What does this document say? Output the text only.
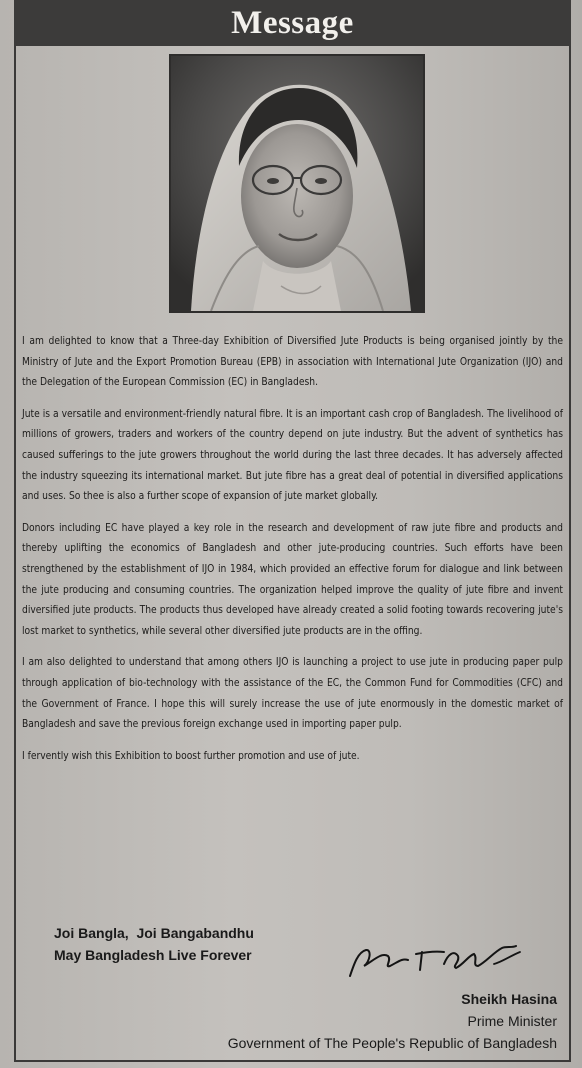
Message

I am delighted to know that a Three-day Exhibition of Diversified Jute Products is being organised jointly by the Ministry of Jute and the Export Promotion Bureau (EPB) in association with International Jute Organization (IJO) and the Delegation of the European Commission (EC) in Bangladesh.

Jute is a versatile and environment-friendly natural fibre. It is an important cash crop of Bangladesh. The livelihood of millions of growers, traders and workers of the country depend on jute industry. But the advent of synthetics has caused sufferings to the jute growers throughout the world during the last three decades. It has adversely affected the industry squeezing its international market. But jute fibre has a great deal of potential in diversified applications and uses. So thee is also a further scope of expansion of jute market globally.

Donors including EC have played a key role in the research and development of raw jute fibre and products and thereby uplifting the economics of Bangladesh and other jute-producing countries. Such efforts have been strengthened by the establishment of IJO in 1984, which provided an effective forum for dialogue and link between the jute producing and consuming countries. The organization helped improve the quality of jute fibre and invent diversified jute products. The products thus developed have already created a solid footing towards recovering jute's lost market to synthetics, while several other diversified jute products are in the offing.

I am also delighted to understand that among others IJO is launching a project to use jute in producing paper pulp through application of bio-technology with the assistance of the EC, the Common Fund for Commodities (CFC) and the Government of France. I hope this will surely increase the use of jute enormously in the domestic market of Bangladesh and save the previous foreign exchange used in importing paper pulp.

I fervently wish this Exhibition to boost further promotion and use of jute.

Joi Bangla,  Joi Bangabandhu
May Bangladesh Live Forever
Sheikh Hasina
Prime Minister
Government of The People's Republic of Bangladesh
